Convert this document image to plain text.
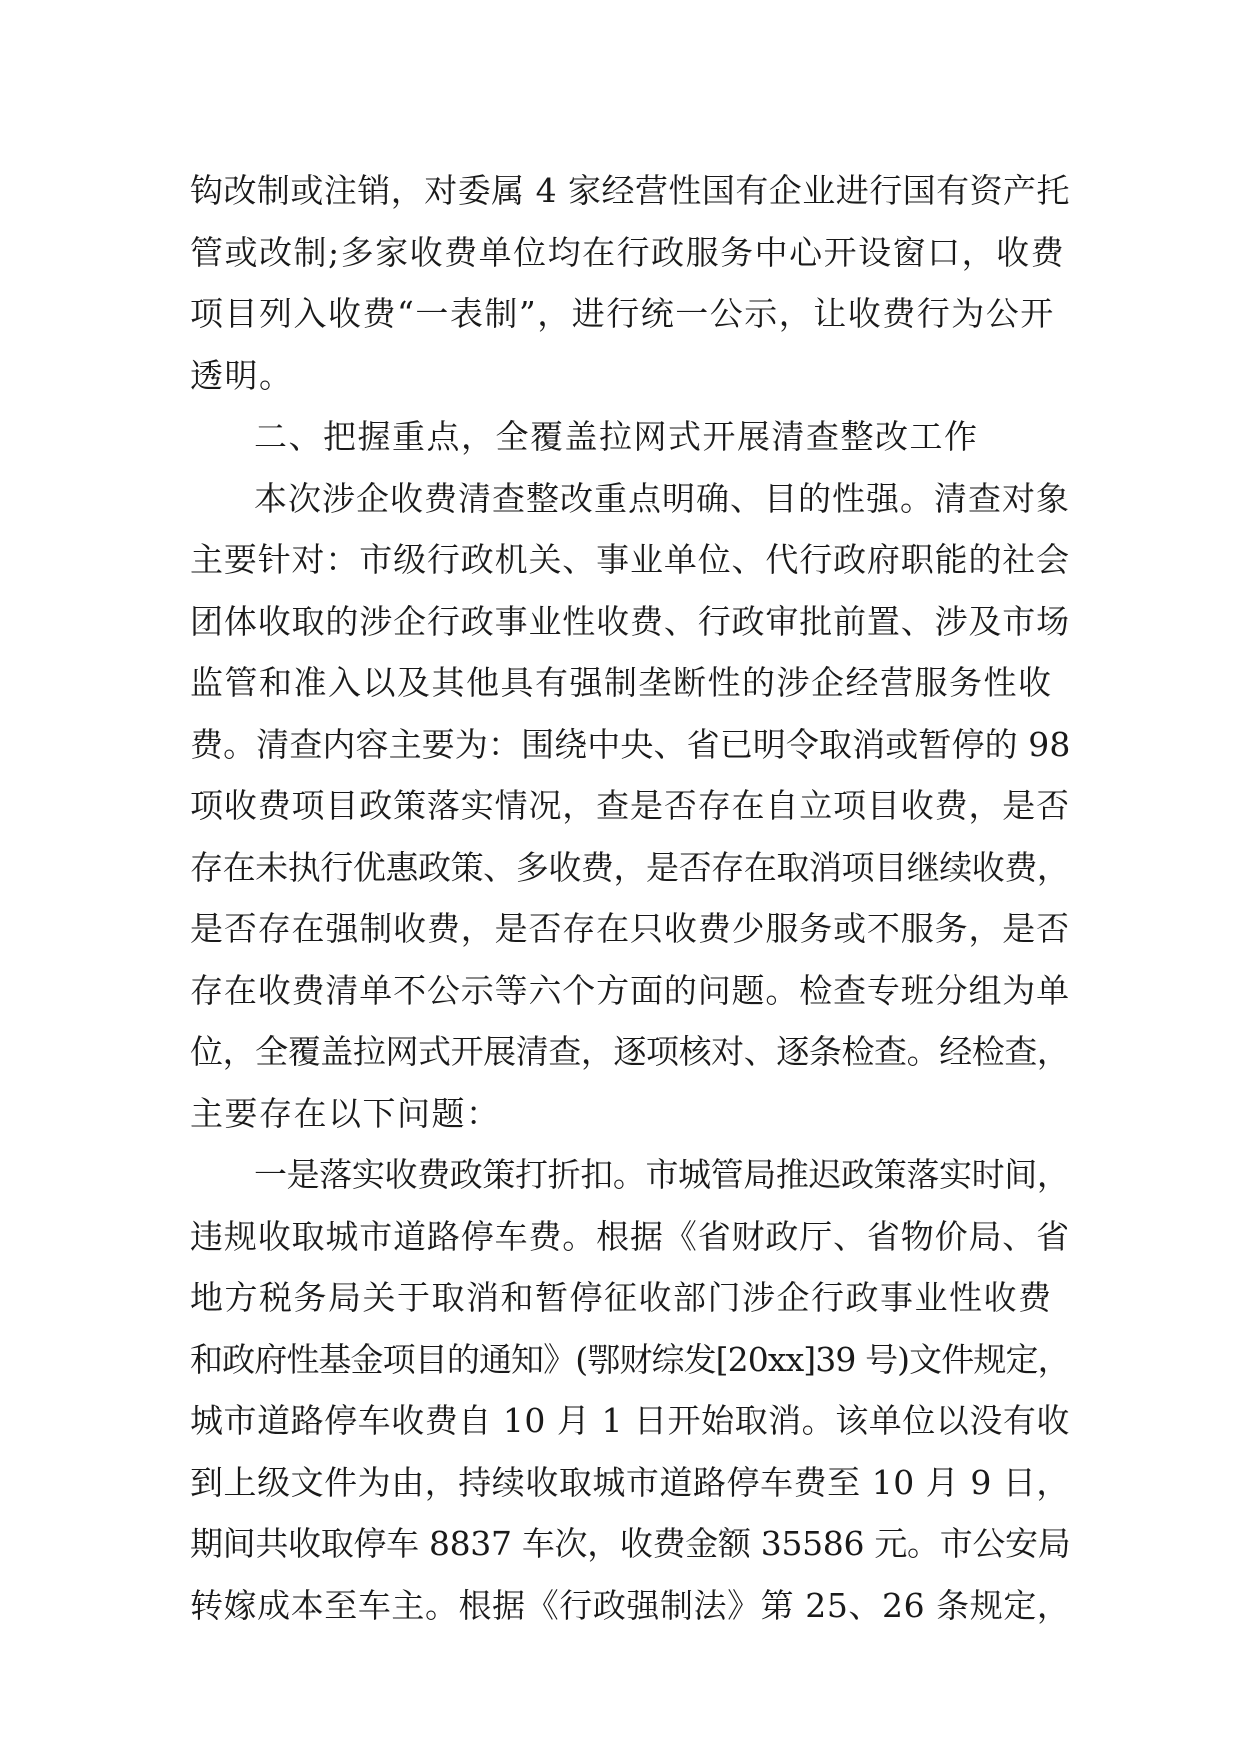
钩改制或注销，对委属 4 家经营性国有企业进行国有资产托
管或改制;多家收费单位均在行政服务中心开设窗口，收费
项目列入收费“一表制”，进行统一公示，让收费行为公开
透明。
二、把握重点，全覆盖拉网式开展清查整改工作
本次涉企收费清查整改重点明确、目的性强。清查对象
主要针对：市级行政机关、事业单位、代行政府职能的社会
团体收取的涉企行政事业性收费、行政审批前置、涉及市场
监管和准入以及其他具有强制垄断性的涉企经营服务性收
费。清查内容主要为：围绕中央、省已明令取消或暂停的 98
项收费项目政策落实情况，查是否存在自立项目收费，是否
存在未执行优惠政策、多收费，是否存在取消项目继续收费，
是否存在强制收费，是否存在只收费少服务或不服务，是否
存在收费清单不公示等六个方面的问题。检查专班分组为单
位，全覆盖拉网式开展清查，逐项核对、逐条检查。经检查，
主要存在以下问题：
一是落实收费政策打折扣。市城管局推迟政策落实时间，
违规收取城市道路停车费。根据《省财政厅、省物价局、省
地方税务局关于取消和暂停征收部门涉企行政事业性收费
和政府性基金项目的通知》(鄂财综发[20xx]39 号)文件规定，
城市道路停车收费自 10 月 1 日开始取消。该单位以没有收
到上级文件为由，持续收取城市道路停车费至 10 月 9 日，
期间共收取停车 8837 车次，收费金额 35586 元。市公安局
转嫁成本至车主。根据《行政强制法》第 25、26 条规定，
